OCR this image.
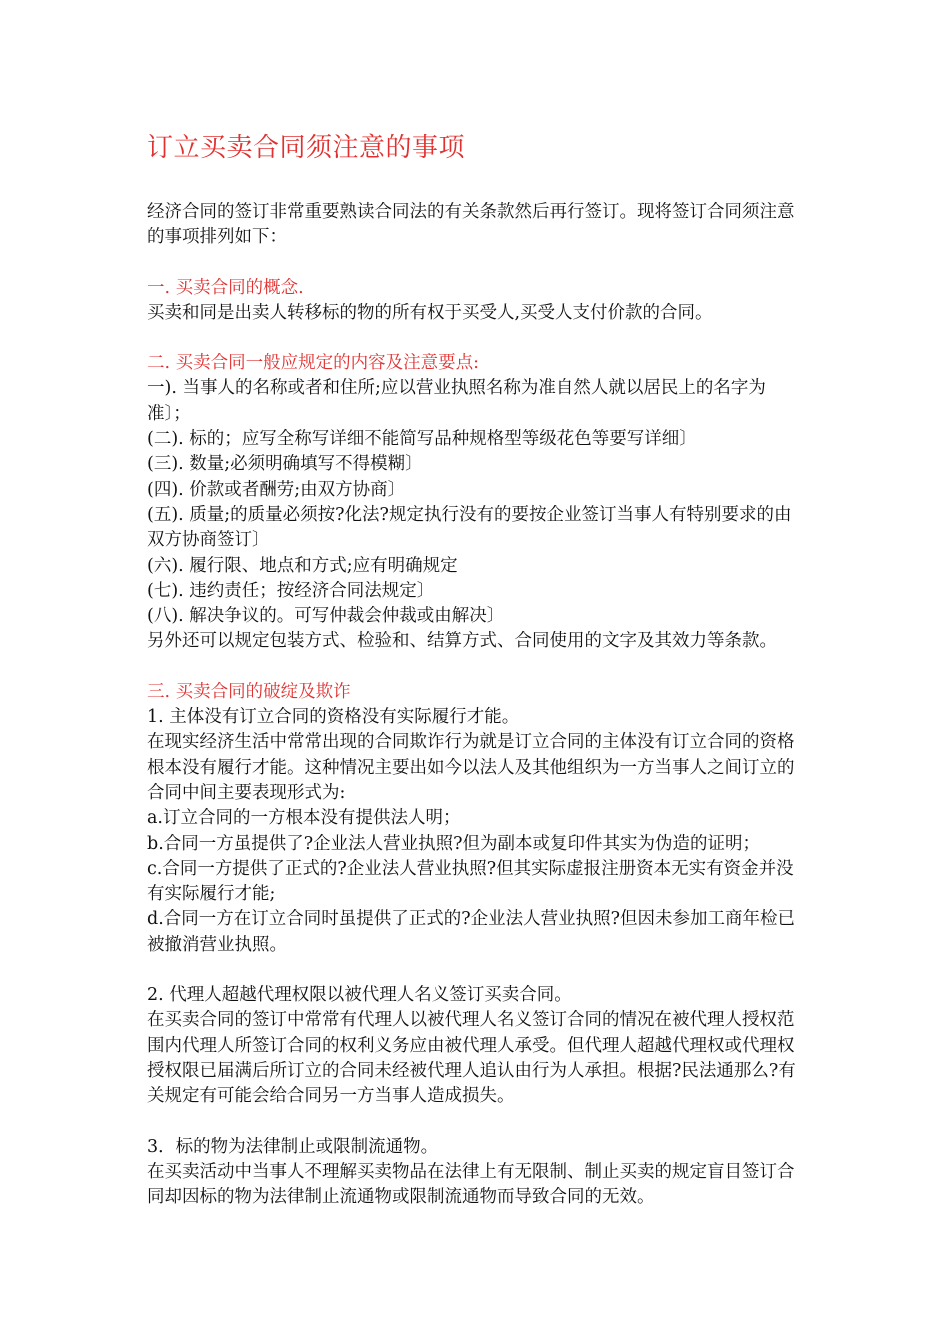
订立买卖合同须注意的事项

经济合同的签订非常重要熟读合同法的有关条款然后再行签订。现将签订合同须注意的事项排列如下：

一. 买卖合同的概念.

买卖和同是出卖人转移标的物的所有权于买受人,买受人支付价款的合同。

二. 买卖合同一般应规定的内容及注意要点:

一). 当事人的名称或者和住所;应以营业执照名称为准自然人就以居民上的名字为准〕；

(二). 标的；应写全称写详细不能简写品种规格型等级花色等要写详细〕

(三). 数量;必须明确填写不得模糊〕

(四). 价款或者酬劳;由双方协商〕

(五). 质量;的质量必须按?化法?规定执行没有的要按企业签订当事人有特别要求的由双方协商签订〕

(六). 履行限、地点和方式;应有明确规定

(七). 违约责任；按经济合同法规定〕

(八). 解决争议的。可写仲裁会仲裁或由解决〕

另外还可以规定包装方式、检验和、结算方式、合同使用的文字及其效力等条款。

三. 买卖合同的破绽及欺诈

1. 主体没有订立合同的资格没有实际履行才能。

在现实经济生活中常常出现的合同欺诈行为就是订立合同的主体没有订立合同的资格根本没有履行才能。这种情况主要出如今以法人及其他组织为一方当事人之间订立的合同中间主要表现形式为:

a.订立合同的一方根本没有提供法人明；

b.合同一方虽提供了?企业法人营业执照?但为副本或复印件其实为伪造的证明；

c.合同一方提供了正式的?企业法人营业执照?但其实际虚报注册资本无实有资金并没有实际履行才能;

d.合同一方在订立合同时虽提供了正式的?企业法人营业执照?但因未参加工商年检已被撤消营业执照。

2. 代理人超越代理权限以被代理人名义签订买卖合同。

在买卖合同的签订中常常有代理人以被代理人名义签订合同的情况在被代理人授权范围内代理人所签订合同的权利义务应由被代理人承受。但代理人超越代理权或代理权授权限已届满后所订立的合同未经被代理人追认由行为人承担。根据?民法通那么?有关规定有可能会给合同另一方当事人造成损失。

3．标的物为法律制止或限制流通物。

在买卖活动中当事人不理解买卖物品在法律上有无限制、制止买卖的规定盲目签订合同却因标的物为法律制止流通物或限制流通物而导致合同的无效。
